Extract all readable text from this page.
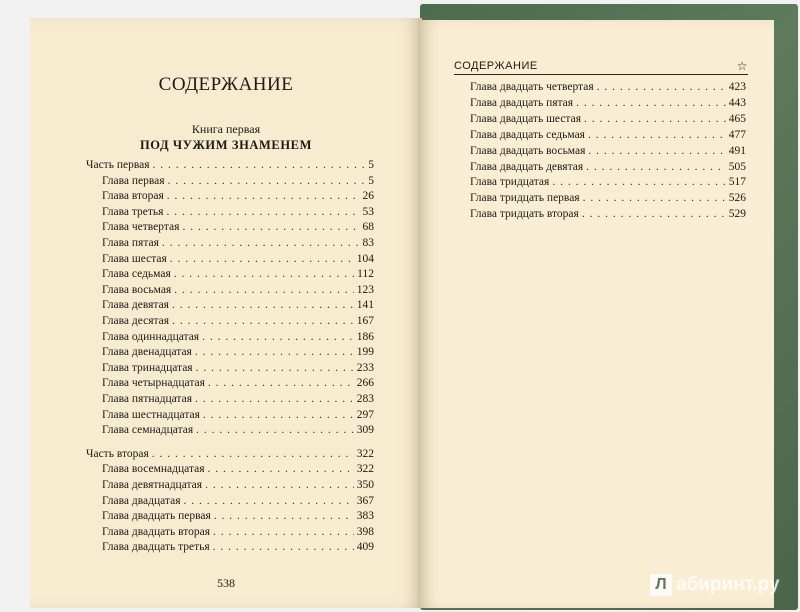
СОДЕРЖАНИЕ
Книга первая
ПОД ЧУЖИМ ЗНАМЕНЕМ
Часть первая . . .	5
Глава первая . . .	5
Глава вторая . . .	26
Глава третья . . .	53
Глава четвертая . . .	68
Глава пятая . . .	83
Глава шестая . . .	104
Глава седьмая . . .	112
Глава восьмая . . .	123
Глава девятая . . .	141
Глава десятая . . .	167
Глава одиннадцатая . . .	186
Глава двенадцатая . . .	199
Глава тринадцатая . . .	233
Глава четырнадцатая . . .	266
Глава пятнадцатая . . .	283
Глава шестнадцатая . . .	297
Глава семнадцатая . . .	309
Часть вторая . . .	322
Глава восемнадцатая . . .	322
Глава девятнадцатая . . .	350
Глава двадцатая . . .	367
Глава двадцать первая . . .	383
Глава двадцать вторая . . .	398
Глава двадцать третья . . .	409
538
СОДЕРЖАНИЕ	☆
Глава двадцать четвертая . . .	423
Глава двадцать пятая . . .	443
Глава двадцать шестая . . .	465
Глава двадцать седьмая . . .	477
Глава двадцать восьмая . . .	491
Глава двадцать девятая . . .	505
Глава тридцатая . . .	517
Глава тридцать первая . . .	526
Глава тридцать вторая . . .	529
Л абиринт.ру
